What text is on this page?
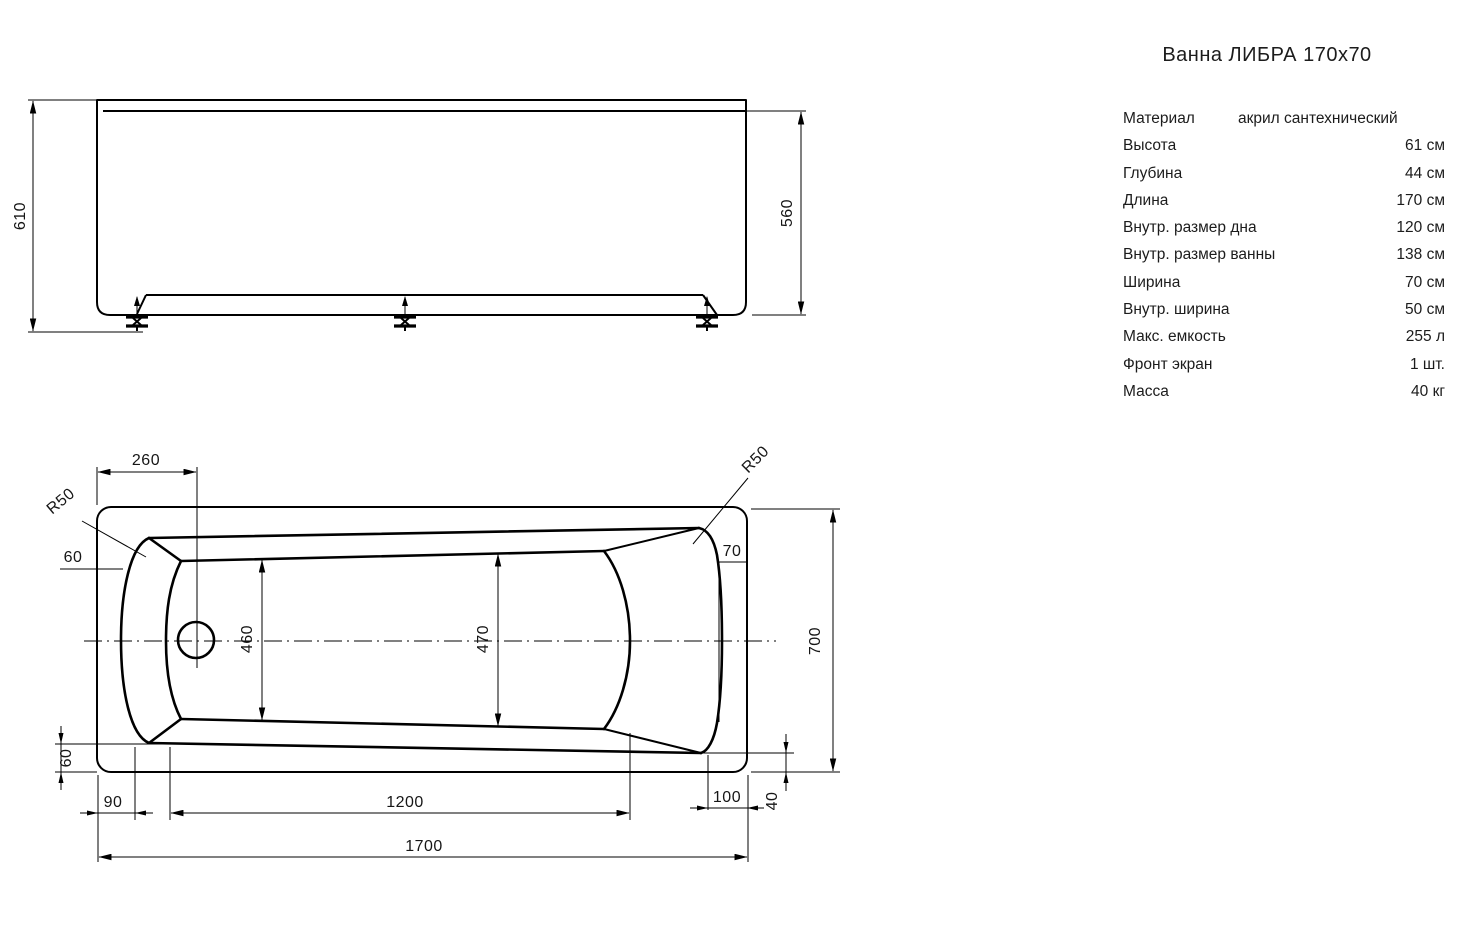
610	560
260
R50
R50
60	70
460	470	700
60
90	1200	100 40
1700
Ванна ЛИБРА 170x70
Материал	акрил сантехнический
Высота	61 см
Глубина	44 см
Длина	170 см
Внутр. размер дна	120 см
Внутр. размер ванны	138 см
Ширина	70 см
Внутр. ширина	50 см
Макс. емкость	255 л
Фронт экран	1 шт.
Масса	40 кг
